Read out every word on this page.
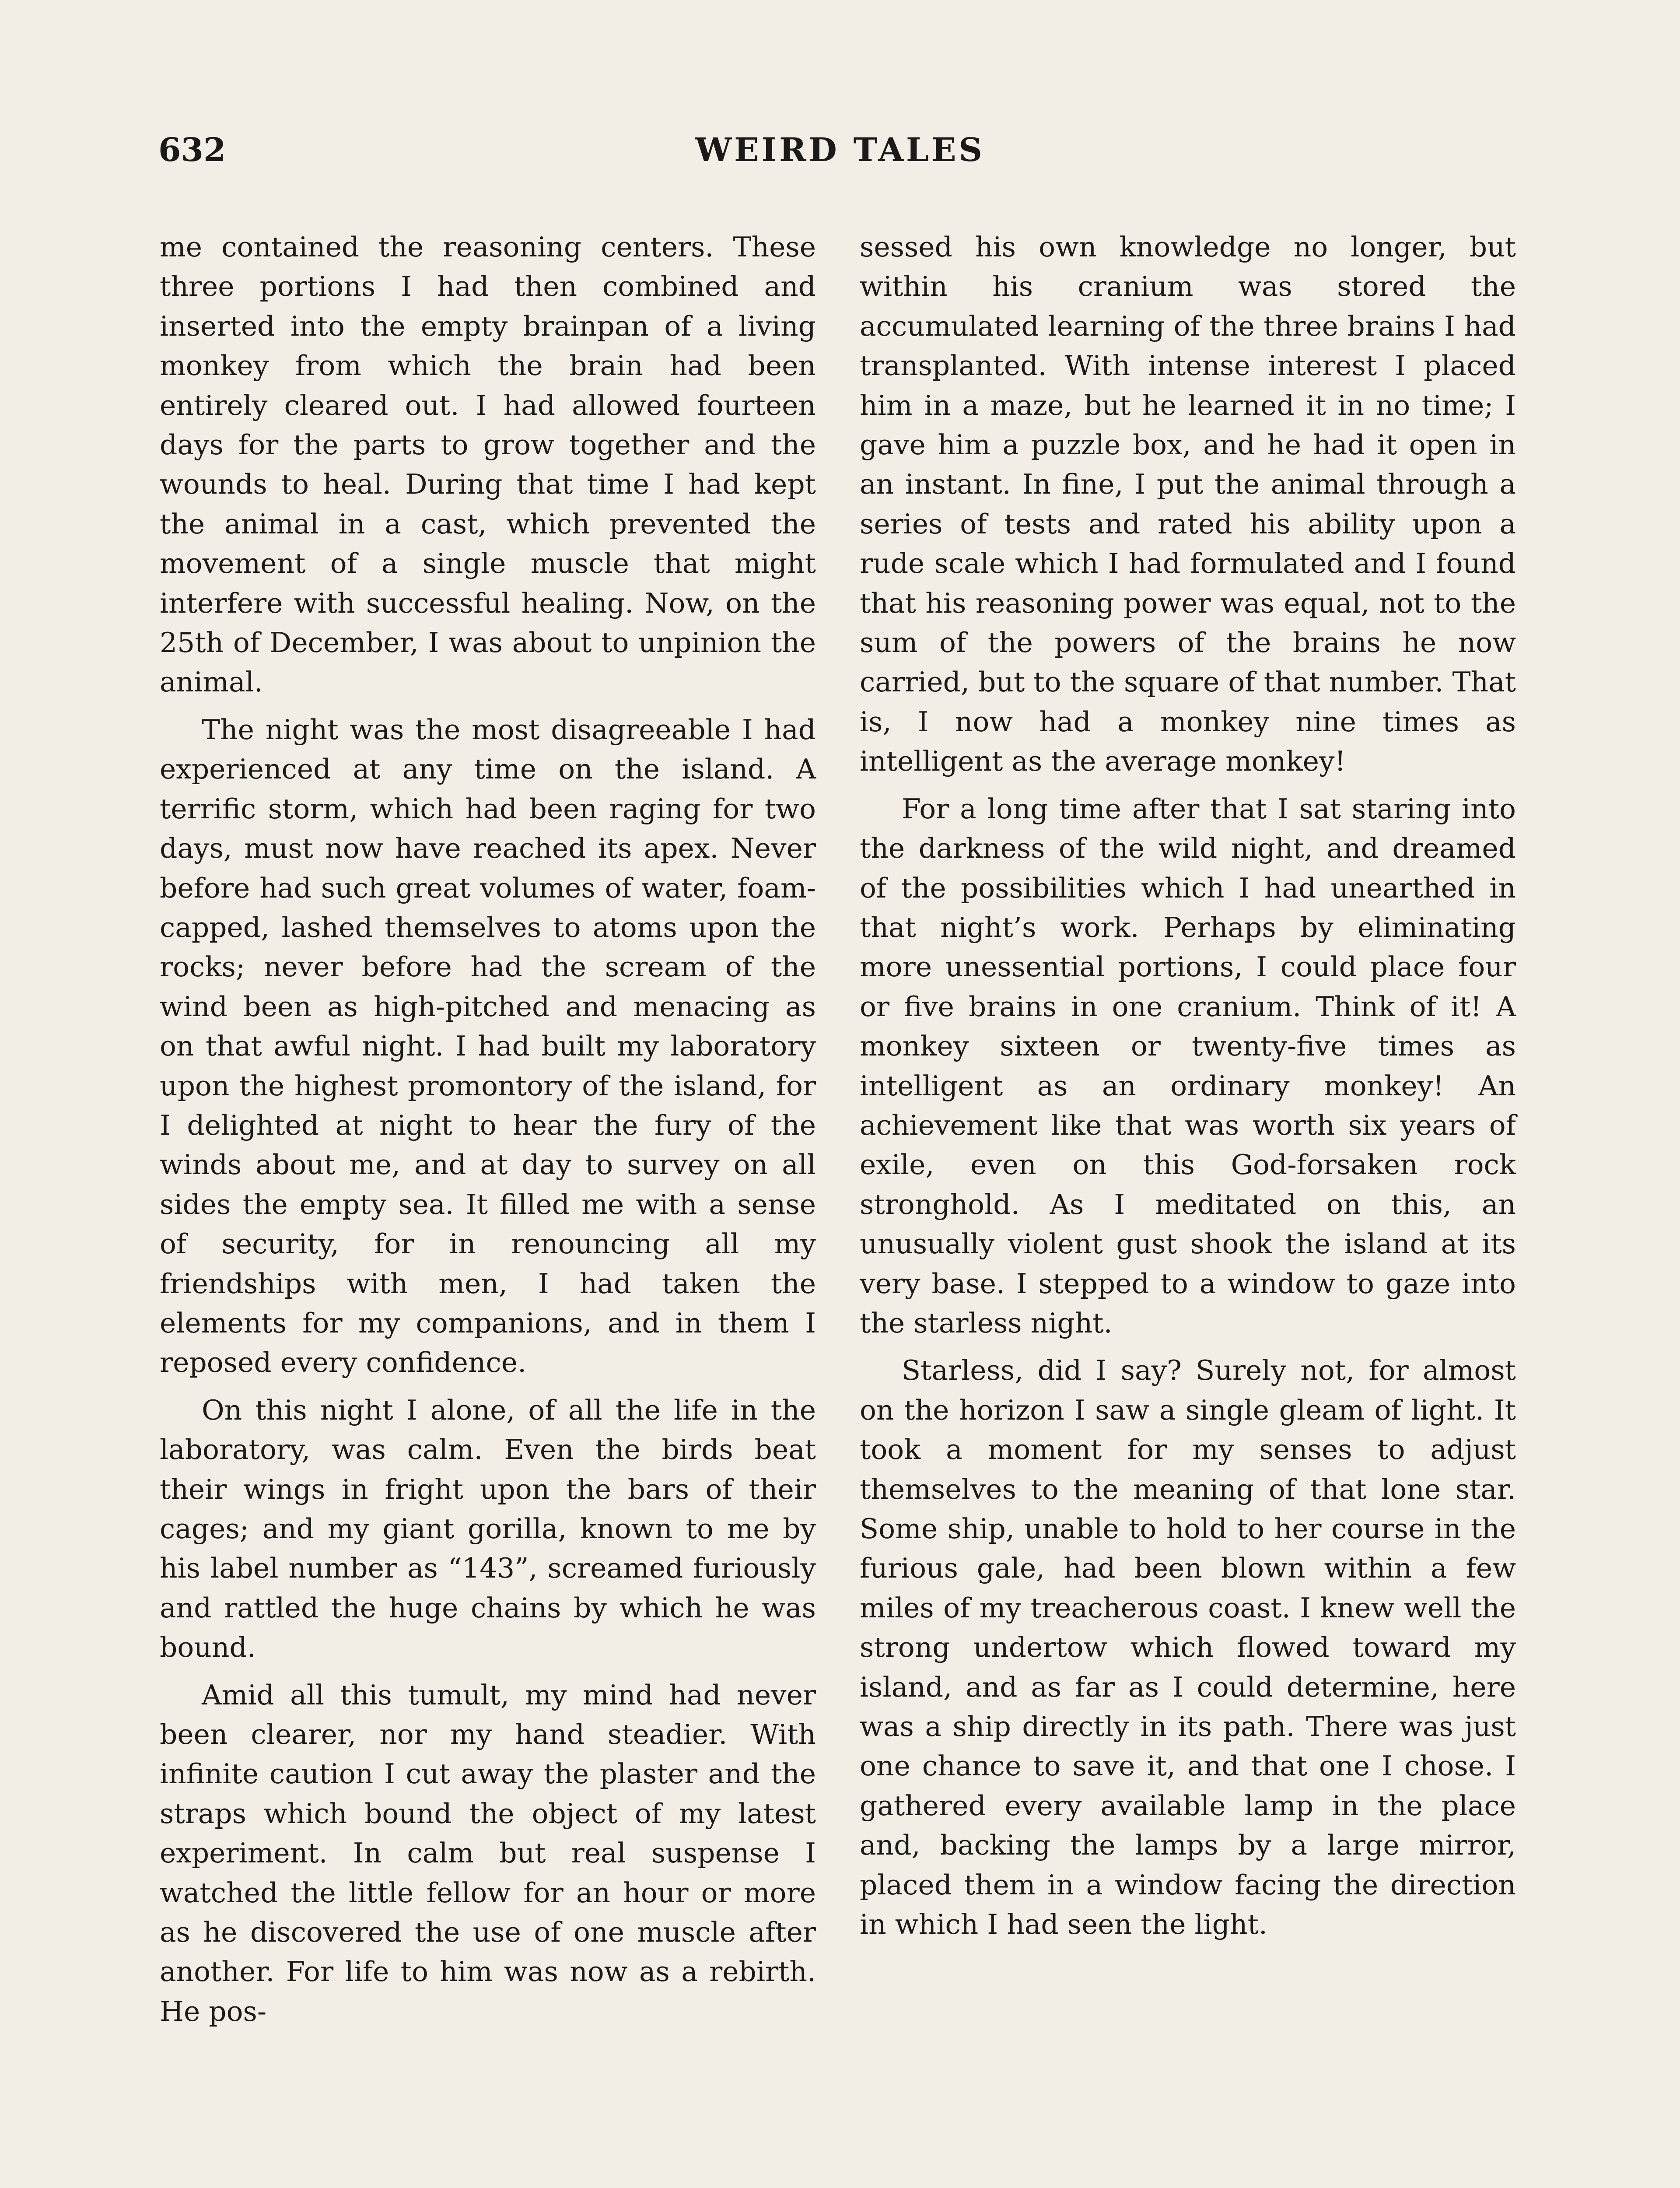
632	WEIRD TALES

me contained the reasoning centers. These three portions I had then combined and inserted into the empty brainpan of a living monkey from which the brain had been entirely cleared out. I had allowed fourteen days for the parts to grow together and the wounds to heal. During that time I had kept the animal in a cast, which prevented the movement of a single muscle that might interfere with successful healing. Now, on the 25th of December, I was about to unpinion the animal.

The night was the most disagreeable I had experienced at any time on the island. A terrific storm, which had been raging for two days, must now have reached its apex. Never before had such great volumes of water, foam-capped, lashed themselves to atoms upon the rocks; never before had the scream of the wind been as high-pitched and menacing as on that awful night. I had built my laboratory upon the highest promontory of the island, for I delighted at night to hear the fury of the winds about me, and at day to survey on all sides the empty sea. It filled me with a sense of security, for in renouncing all my friendships with men, I had taken the elements for my companions, and in them I reposed every confidence.

On this night I alone, of all the life in the laboratory, was calm. Even the birds beat their wings in fright upon the bars of their cages; and my giant gorilla, known to me by his label number as “143”, screamed furiously and rattled the huge chains by which he was bound.

Amid all this tumult, my mind had never been clearer, nor my hand steadier. With infinite caution I cut away the plaster and the straps which bound the object of my latest experiment. In calm but real suspense I watched the little fellow for an hour or more as he discovered the use of one muscle after another. For life to him was now as a rebirth. He pos-

sessed his own knowledge no longer, but within his cranium was stored the accumulated learning of the three brains I had transplanted. With intense interest I placed him in a maze, but he learned it in no time; I gave him a puzzle box, and he had it open in an instant. In fine, I put the animal through a series of tests and rated his ability upon a rude scale which I had formulated and I found that his reasoning power was equal, not to the sum of the powers of the brains he now carried, but to the square of that number. That is, I now had a monkey nine times as intelligent as the average monkey!

For a long time after that I sat staring into the darkness of the wild night, and dreamed of the possibilities which I had unearthed in that night’s work. Perhaps by eliminating more unessential portions, I could place four or five brains in one cranium. Think of it! A monkey sixteen or twenty-five times as intelligent as an ordinary monkey! An achievement like that was worth six years of exile, even on this God-forsaken rock stronghold. As I meditated on this, an unusually violent gust shook the island at its very base. I stepped to a window to gaze into the starless night.

Starless, did I say? Surely not, for almost on the horizon I saw a single gleam of light. It took a moment for my senses to adjust themselves to the meaning of that lone star. Some ship, unable to hold to her course in the furious gale, had been blown within a few miles of my treacherous coast. I knew well the strong undertow which flowed toward my island, and as far as I could determine, here was a ship directly in its path. There was just one chance to save it, and that one I chose. I gathered every available lamp in the place and, backing the lamps by a large mirror, placed them in a window facing the direction in which I had seen the light.
